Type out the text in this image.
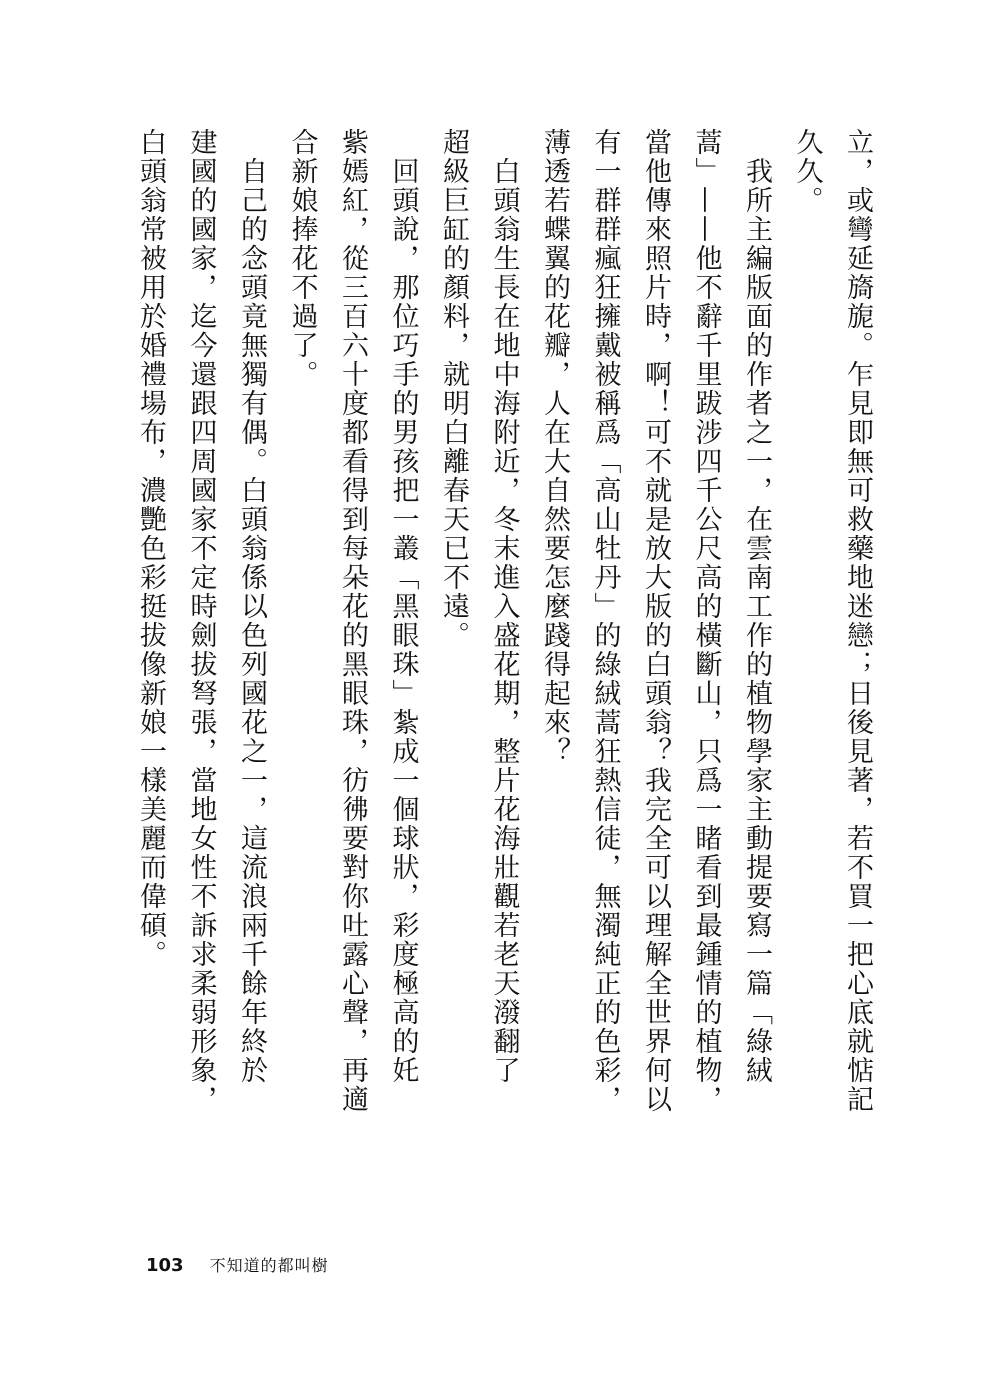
立，或彎延旖旎。乍見即無可救藥地迷戀；日後見著，若不買一把心底就惦記

久久。

　我所主編版面的作者之一，在雲南工作的植物學家主動提要寫一篇「綠絨

蒿」——他不辭千里跋涉四千公尺高的橫斷山，只爲一睹看到最鍾情的植物，

當他傳來照片時，啊！可不就是放大版的白頭翁？我完全可以理解全世界何以

有一群群瘋狂擁戴被稱爲「高山牡丹」的綠絨蒿狂熱信徒，無濁純正的色彩，

薄透若蝶翼的花瓣，人在大自然要怎麼踐得起來？

　白頭翁生長在地中海附近，冬末進入盛花期，整片花海壯觀若老天潑翻了

超級巨缸的顏料，就明白離春天已不遠。

　回頭說，那位巧手的男孩把一叢「黑眼珠」紮成一個球狀，彩度極高的奼

紫嫣紅，從三百六十度都看得到每朵花的黑眼珠，彷彿要對你吐露心聲，再適

合新娘捧花不過了。

　自己的念頭竟無獨有偶。白頭翁係以色列國花之一，這流浪兩千餘年終於

建國的國家，迄今還跟四周國家不定時劍拔弩張，當地女性不訴求柔弱形象，

白頭翁常被用於婚禮場布，濃艷色彩挺拔像新娘一樣美麗而偉碩。

103 不知道的都叫樹
